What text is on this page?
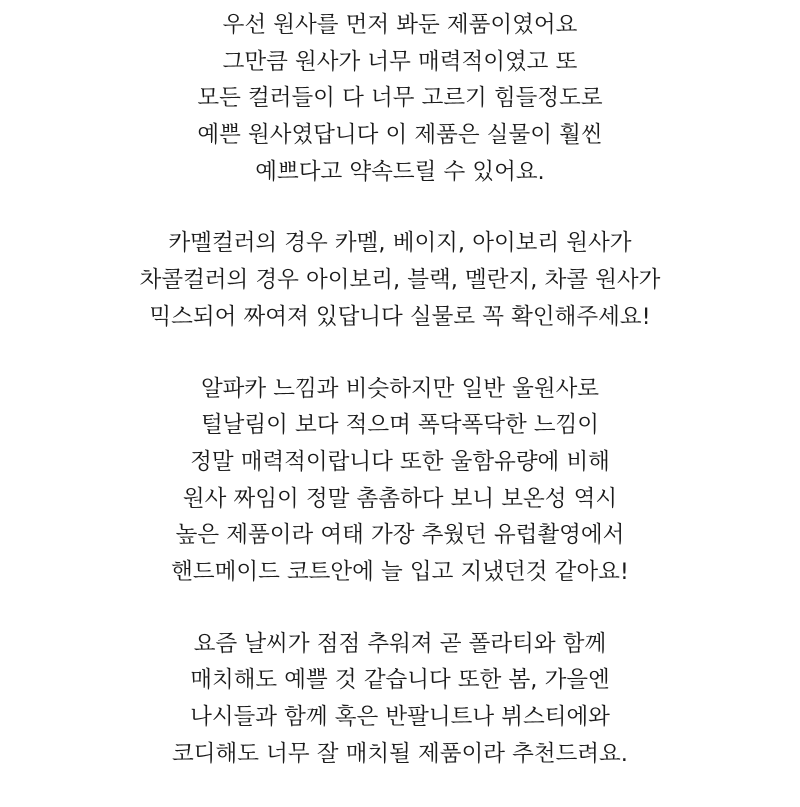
우선 원사를 먼저 봐둔 제품이였어요
그만큼 원사가 너무 매력적이였고 또
모든 컬러들이 다 너무 고르기 힘들정도로
예쁜 원사였답니다 이 제품은 실물이 훨씬
예쁘다고 약속드릴 수 있어요.
카멜컬러의 경우 카멜, 베이지, 아이보리 원사가
차콜컬러의 경우 아이보리, 블랙, 멜란지, 차콜 원사가
믹스되어 짜여져 있답니다 실물로 꼭 확인해주세요!
알파카 느낌과 비슷하지만 일반 울원사로
털날림이 보다 적으며 폭닥폭닥한 느낌이
정말 매력적이랍니다 또한 울함유량에 비해
원사 짜임이 정말 촘촘하다 보니 보온성 역시
높은 제품이라 여태 가장 추웠던 유럽촬영에서
핸드메이드 코트안에 늘 입고 지냈던것 같아요!
요즘 날씨가 점점 추워져 곧 폴라티와 함께
매치해도 예쁠 것 같습니다 또한 봄, 가을엔
나시들과 함께 혹은 반팔니트나 뷔스티에와
코디해도 너무 잘 매치될 제품이라 추천드려요.
